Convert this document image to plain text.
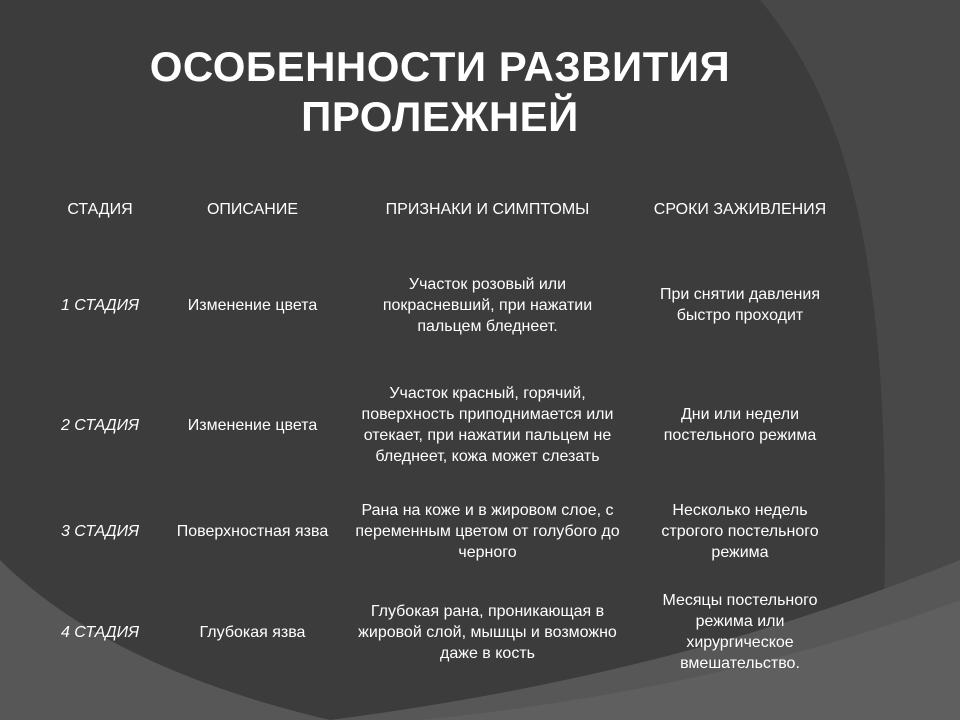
ОСОБЕННОСТИ РАЗВИТИЯ
ПРОЛЕЖНЕЙ
СТАДИЯ	ОПИСАНИЕ	ПРИЗНАКИ И СИМПТОМЫ	СРОКИ ЗАЖИВЛЕНИЯ
1 СТАДИЯ	Изменение цвета	Участок розовый или покрасневший, при нажатии пальцем бледнеет.	При снятии давления быстро проходит
2 СТАДИЯ	Изменение цвета	Участок красный, горячий, поверхность приподнимается или отекает, при нажатии пальцем не бледнеет, кожа может слезать	Дни или недели постельного режима
3 СТАДИЯ	Поверхностная язва	Рана на коже и в жировом слое, с переменным цветом от голубого до черного	Несколько недель строгого постельного режима
4 СТАДИЯ	Глубокая язва	Глубокая рана, проникающая в жировой слой, мышцы и возможно даже в кость	Месяцы постельного режима или хирургическое вмешательство.
